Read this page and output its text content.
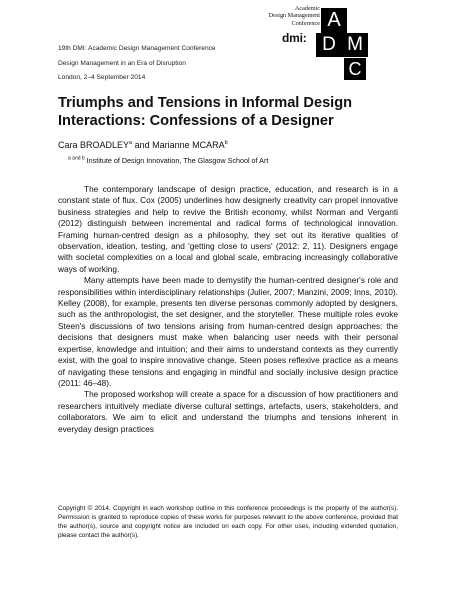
Academic
Design Management
Conference
dmi:
A
D M
C
19th DMI: Academic Design Management Conference
Design Management in an Era of Disruption
London, 2–4 September 2014
Triumphs and Tensions in Informal Design Interactions: Confessions of a Designer
Cara BROADLEY$^a$ and Marianne MCARA$^b$
$^{a and b}$ Institute of Design Innovation, The Glasgow School of Art

The contemporary landscape of design practice, education, and research is in a constant state of flux. Cox (2005) underlines how designerly creativity can propel innovative business strategies and help to revive the British economy, whilst Norman and Verganti (2012) distinguish between incremental and radical forms of technological innovation. Framing human-centred design as a philosophy, they set out its iterative qualities of observation, ideation, testing, and 'getting close to users' (2012: 2, 11). Designers engage with societal complexities on a local and global scale, embracing increasingly collaborative ways of working.

Many attempts have been made to demystify the human-centred designer's role and responsibilities within interdisciplinary relationships (Julier, 2007; Manzini, 2009; Inns, 2010). Kelley (2008), for example, presents ten diverse personas commonly adopted by designers, such as the anthropologist, the set designer, and the storyteller. These multiple roles evoke Steen's discussions of two tensions arising from human-centred design approaches: the decisions that designers must make when balancing user needs with their personal expertise, knowledge and intuition; and their aims to understand contexts as they currently exist, with the goal to inspire innovative change. Steen poses reflexive practice as a means of navigating these tensions and engaging in mindful and socially inclusive design practice (2011: 46–48).

The proposed workshop will create a space for a discussion of how practitioners and researchers intuitively mediate diverse cultural settings, artefacts, users, stakeholders, and collaborators. We aim to elicit and understand the triumphs and tensions inherent in everyday design practices

Copyright © 2014. Copyright in each workshop outline in this conference proceedings is the property of the author(s). Permission is granted to reproduce copies of these works for purposes relevant to the above conference, provided that the author(s), source and copyright notice are included on each copy. For other uses, including extended quotation, please contact the author(s).
